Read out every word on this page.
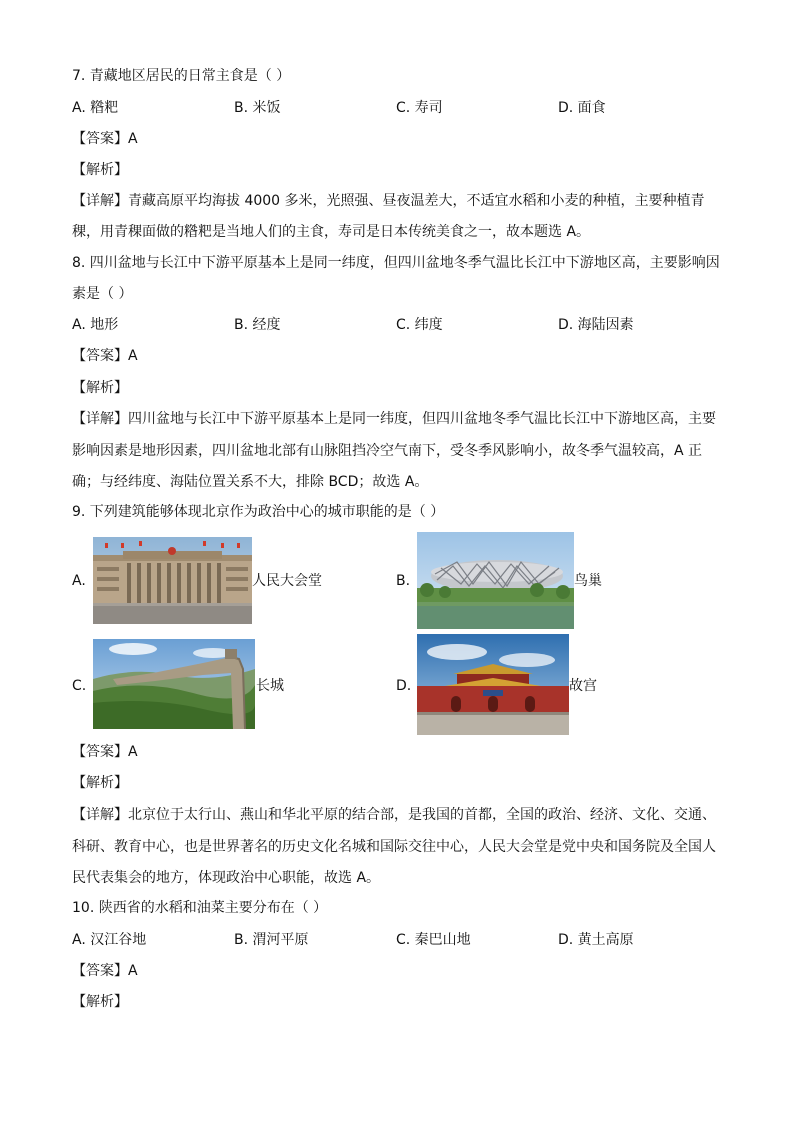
7. 青藏地区居民的日常主食是（ ）
A. 糌粑	B. 米饭	C. 寿司	D. 面食
【答案】A
【解析】
【详解】青藏高原平均海拔 4000 多米，光照强、昼夜温差大，不适宜水稻和小麦的种植，主要种植青
稞，用青稞面做的糌粑是当地人们的主食，寿司是日本传统美食之一，故本题选 A。
8. 四川盆地与长江中下游平原基本上是同一纬度，但四川盆地冬季气温比长江中下游地区高，主要影响因
素是（ ）
A. 地形	B. 经度	C. 纬度	D. 海陆因素
【答案】A
【解析】
【详解】四川盆地与长江中下游平原基本上是同一纬度，但四川盆地冬季气温比长江中下游地区高，主要
影响因素是地形因素，四川盆地北部有山脉阻挡冷空气南下，受冬季风影响小，故冬季气温较高，A 正
确；与经纬度、海陆位置关系不大，排除 BCD；故选 A。
9. 下列建筑能够体现北京作为政治中心的城市职能的是（ ）
A.	人民大会堂	B.	鸟巢
C.	长城	D.	故宫
【答案】A
【解析】
【详解】北京位于太行山、燕山和华北平原的结合部，是我国的首都，全国的政治、经济、文化、交通、
科研、教育中心，也是世界著名的历史文化名城和国际交往中心，人民大会堂是党中央和国务院及全国人
民代表集会的地方，体现政治中心职能，故选 A。
10. 陕西省的水稻和油菜主要分布在（ ）
A. 汉江谷地	B. 渭河平原	C. 秦巴山地	D. 黄土高原
【答案】A
【解析】
